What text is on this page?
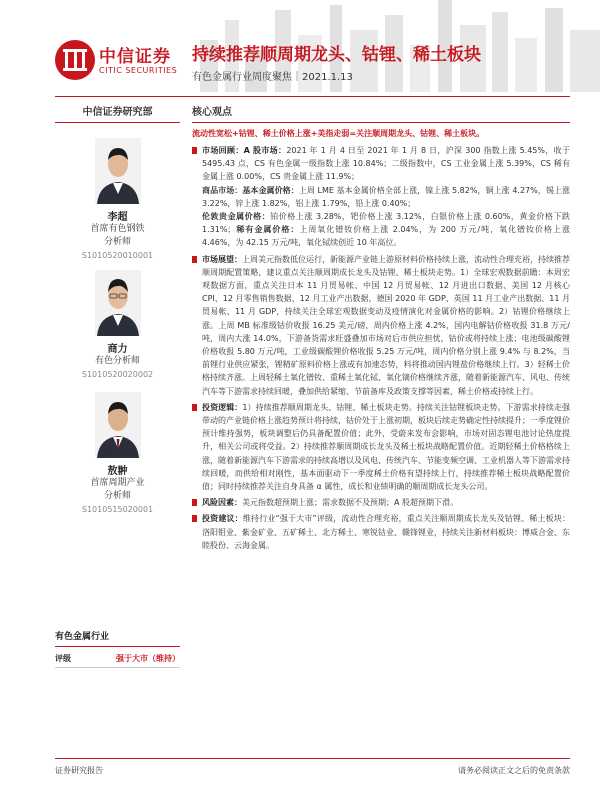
中信证券
CITIC SECURITIES
持续推荐顺周期龙头、钴锂、稀土板块
有色金属行业周度聚焦｜2021.1.13
中信证券研究部
李超
首席有色钢铁
分析师
S1010520010001
商力
有色分析师
S1010520020002
敖翀
首席周期产业
分析师
S1010515020001
有色金属行业
评级	强于大市（维持）
核心观点
流动性宽松+钴锂、稀土价格上涨+美指走弱=关注顺周期龙头、钴锂、稀土板块。
市场回顾：A 股市场：2021 年 1 月 4 日至 2021 年 1 月 8 日，沪深 300 指数上涨 5.45%，收于 5495.43 点，CS 有色金属一级指数上涨 10.84%；二级指数中，CS 工业金属上涨 5.39%，CS 稀有金属上涨 0.00%，CS 贵金属上涨 11.9%；
商品市场：基本金属价格：上周 LME 基本金属价格全部上涨，镍上涨 5.82%，铜上涨 4.27%，锡上涨 3.22%，锌上涨 1.82%，铝上涨 1.79%，铅上涨 0.40%；
伦敦贵金属价格：铂价格上涨 3.28%，钯价格上涨 3.12%，白银价格上涨 0.60%，黄金价格下跌 1.31%；稀有金属价格：上周氧化镨钕价格上涨 2.04%，为 200 万元/吨，氧化镨钕价格上涨 4.46%，为 42.15 万元/吨，氧化铽续创近 10 年高位。
市场展望：上周美元指数低位运行，新能源产业链上游原材料价格持续上涨，流动性合理充裕，持续推荐顺周期配置策略，建议重点关注顺周期成长龙头及钴锂、稀土板块走势。1）全球宏观数据前瞻：本周宏观数据方面，重点关注日本 11 月贸易帐、中国 12 月贸易帐、12 月进出口数据、美国 12 月核心 CPI、12 月零售销售数据、12 月工业产出数据，德国 2020 年 GDP、英国 11 月工业产出数据、11 月贸易帐、11 月 GDP，持续关注全球宏观数据变动及疫情演化对金属价格的影响。2）钴锂价格继续上涨。上周 MB 标准级钴价收报 16.25 美元/磅，周内价格上涨 4.2%，国内电解钴价格收报 31.8 万元/吨，周内大涨 14.0%，下游备货需求旺盛叠加市场对后市供应担忧，钴价或将持续上涨；电池级碳酸锂价格收报 5.80 万元/吨，工业级碳酸锂价格收报 5.25 万元/吨，周内价格分别上涨 9.4% 与 8.2%，当前锂行业供应紧张，锂精矿原料价格上涨或有加速态势，料将推动国内锂盐价格继续上行。3）轻稀土价格持续齐涨。上周轻稀土氧化镨钕、重稀土氧化铽、氧化镝价格继续齐涨，随着新能源汽车、风电、传统汽车等下游需求持续回暖，叠加供给紧缩、节前备库及政策支撑等因素，稀土价格或持续上行。
投资逻辑：1）持续推荐顺周期龙头、钴锂、稀土板块走势。持续关注钴锂板块走势。下游需求持续走强带动的产业链价格上涨趋势预计将持续，钴价处于上涨初期，板块后续走势确定性持续提升；一季度锂价预计维持强势，板块调整后仍具备配置价值；此外，受蔚来发布会影响，市场对固态锂电池讨论热度提升，相关公司或将受益。2）持续推荐顺周期成长龙头及稀土板块战略配置价值。近期轻稀土价格格续上涨，随着新能源汽车下游需求的持续高增以及风电、传统汽车、节能变频空调、工业机器人等下游需求持续回暖，而供给相对刚性，基本面驱动下一季度稀土价格有望持续上行，持续推荐稀土板块战略配置价值；同时持续推荐关注自身具备 α 属性，成长和业绩明确的顺周期成长龙头公司。
风险因素：美元指数超预期上涨；需求数据不及预期；A 股超预期下滑。
投资建议：维持行业“强于大市”评级，流动性合理充裕，重点关注顺周期成长龙头及钴锂、稀土板块：洛阳钼业、紫金矿业、五矿稀土、北方稀土、寒锐钴业、赣锋锂业，持续关注新材料板块：博威合金、东睦股份、云海金属。
证券研究报告	请务必阅读正文之后的免责条款
